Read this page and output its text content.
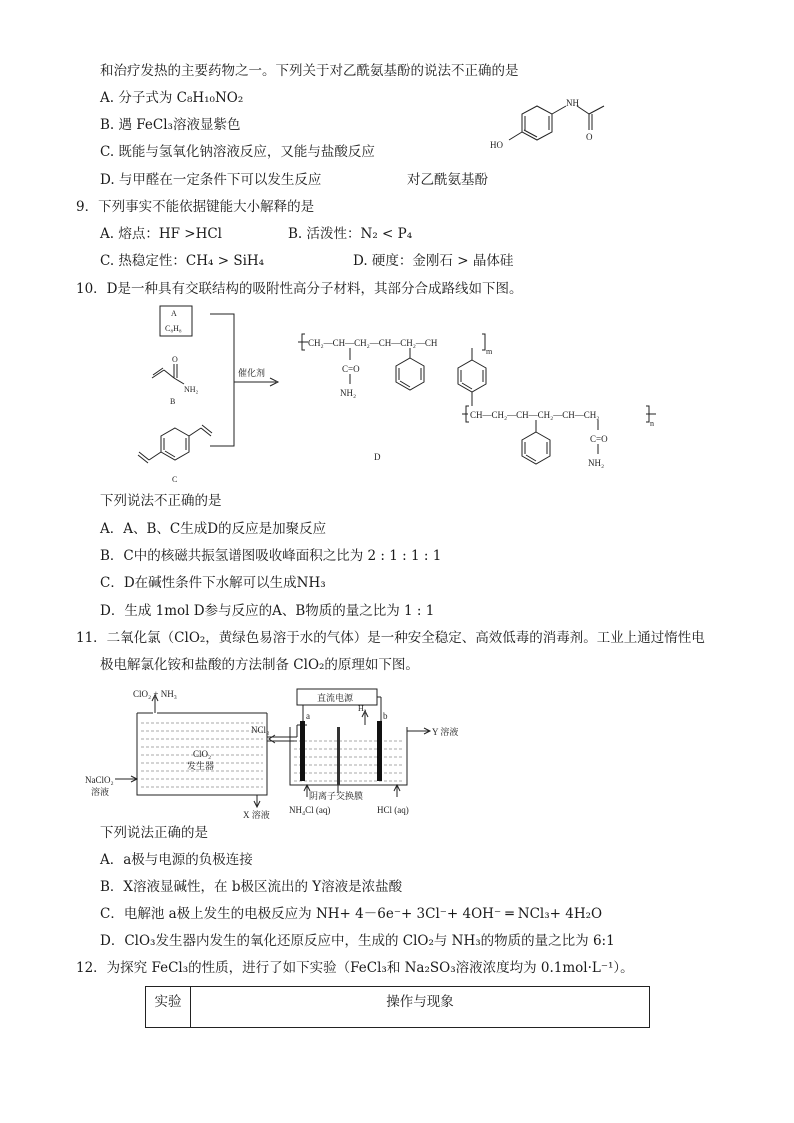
和治疗发热的主要药物之一。下列关于对乙酰氨基酚的说法不正确的是
A. 分子式为 C₈H₁₀NO₂
B. 遇 FeCl₃溶液显紫色
C. 既能与氢氧化钠溶液反应，又能与盐酸反应
D. 与甲醛在一定条件下可以发生反应	对乙酰氨基酚
NH
O
HO
9．下列事实不能依据键能大小解释的是
A. 熔点：HF >HCl	B. 活泼性：N₂ < P₄
C. 热稳定性：CH₄ > SiH₄	D. 硬度：金刚石 > 晶体硅
10．D是一种具有交联结构的吸附性高分子材料，其部分合成路线如下图。
A
C₈H₈
O
NH₂
B
C
催化剂
CH₂—CH—CH₂—CH—CH₂—CH
m
C=O
NH₂
CH—CH₂—CH—CH₂—CH—CH₂
n
C=O
NH₂
D
下列说法不正确的是
A．A、B、C生成D的反应是加聚反应
B．C中的核磁共振氢谱图吸收峰面积之比为 2 : 1 : 1 : 1
C．D在碱性条件下水解可以生成NH₃
D．生成 1mol D参与反应的A、B物质的量之比为 1 : 1
11．二氧化氯（ClO₂，黄绿色易溶于水的气体）是一种安全稳定、高效低毒的消毒剂。工业上通过惰性电
极电解氯化铵和盐酸的方法制备 ClO₂的原理如下图。
ClO₂ + NH₃
NCl₃
ClO₂
发生器
NaClO₂
溶液
X 溶液
直流电源
a	b
H₂
Y 溶液
阴离子交换膜
NH₄Cl (aq)	HCl (aq)
下列说法正确的是
A．a极与电源的负极连接
B．X溶液显碱性，在 b极区流出的 Y溶液是浓盐酸
C．电解池 a极上发生的电极反应为 NH+ 4－6e⁻+ 3Cl⁻+ 4OH⁻ ═ NCl₃+ 4H₂O
D．ClO₃发生器内发生的氧化还原反应中，生成的 ClO₂与 NH₃的物质的量之比为 6:1
12．为探究 FeCl₃的性质，进行了如下实验（FeCl₃和 Na₂SO₃溶液浓度均为 0.1mol·L⁻¹）。
实验	操作与现象
